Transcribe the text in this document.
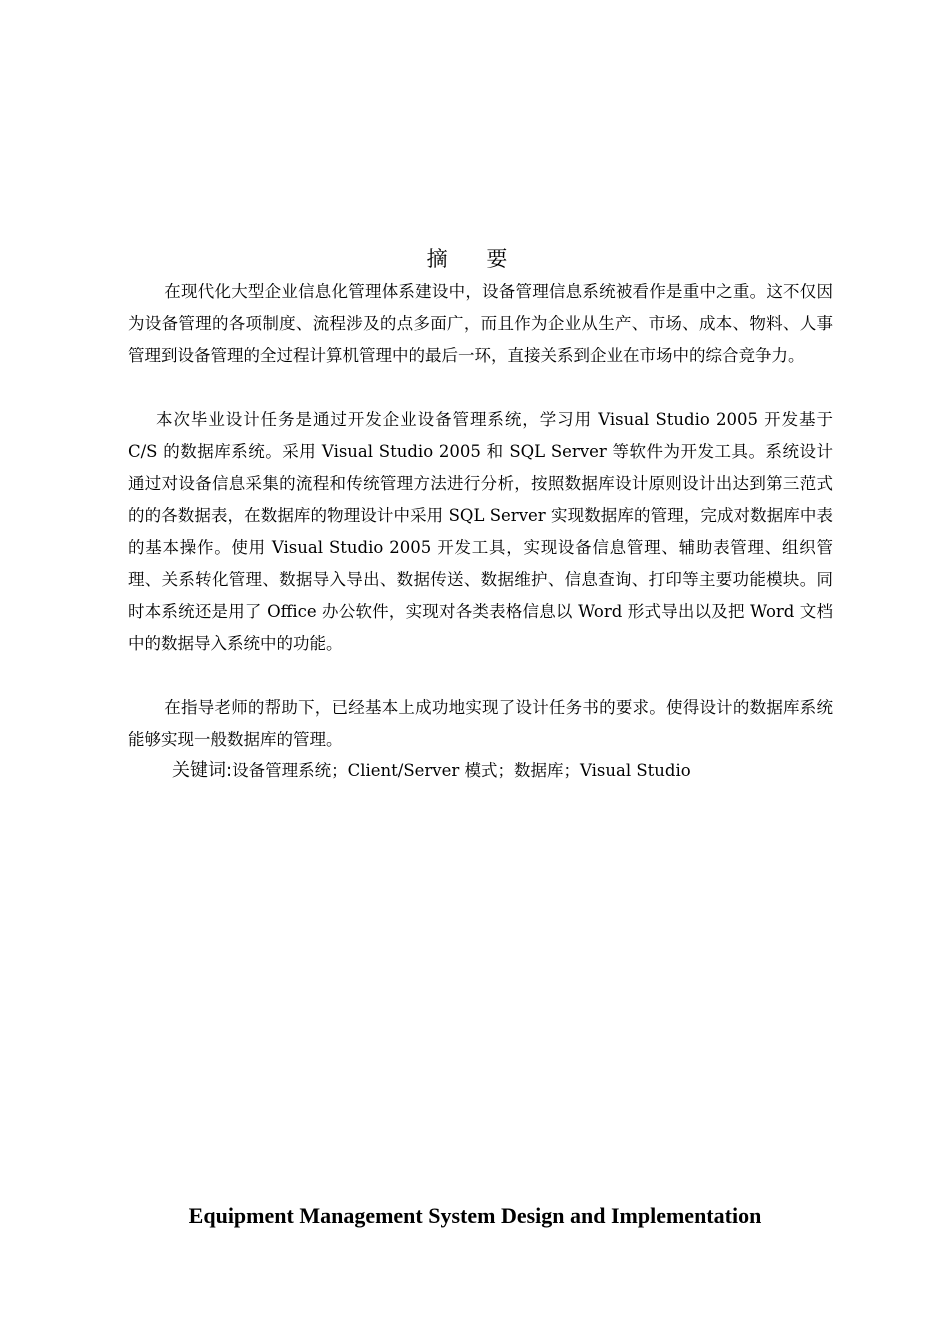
摘 要
在现代化大型企业信息化管理体系建设中，设备管理信息系统被看作是重中之重。这不仅因为设备管理的各项制度、流程涉及的点多面广，而且作为企业从生产、市场、成本、物料、人事管理到设备管理的全过程计算机管理中的最后一环，直接关系到企业在市场中的综合竞争力。
本次毕业设计任务是通过开发企业设备管理系统，学习用 Visual Studio 2005 开发基于 C/S 的数据库系统。采用 Visual Studio 2005 和 SQL Server 等软件为开发工具。系统设计通过对设备信息采集的流程和传统管理方法进行分析，按照数据库设计原则设计出达到第三范式的的各数据表，在数据库的物理设计中采用 SQL Server 实现数据库的管理，完成对数据库中表的基本操作。使用 Visual Studio 2005 开发工具，实现设备信息管理、辅助表管理、组织管理、关系转化管理、数据导入导出、数据传送、数据维护、信息查询、打印等主要功能模块。同时本系统还是用了 Office 办公软件，实现对各类表格信息以 Word 形式导出以及把 Word 文档中的数据导入系统中的功能。
在指导老师的帮助下，已经基本上成功地实现了设计任务书的要求。使得设计的数据库系统能够实现一般数据库的管理。
关键词:设备管理系统；Client/Server 模式；数据库；Visual Studio
Equipment Management System Design and Implementation
